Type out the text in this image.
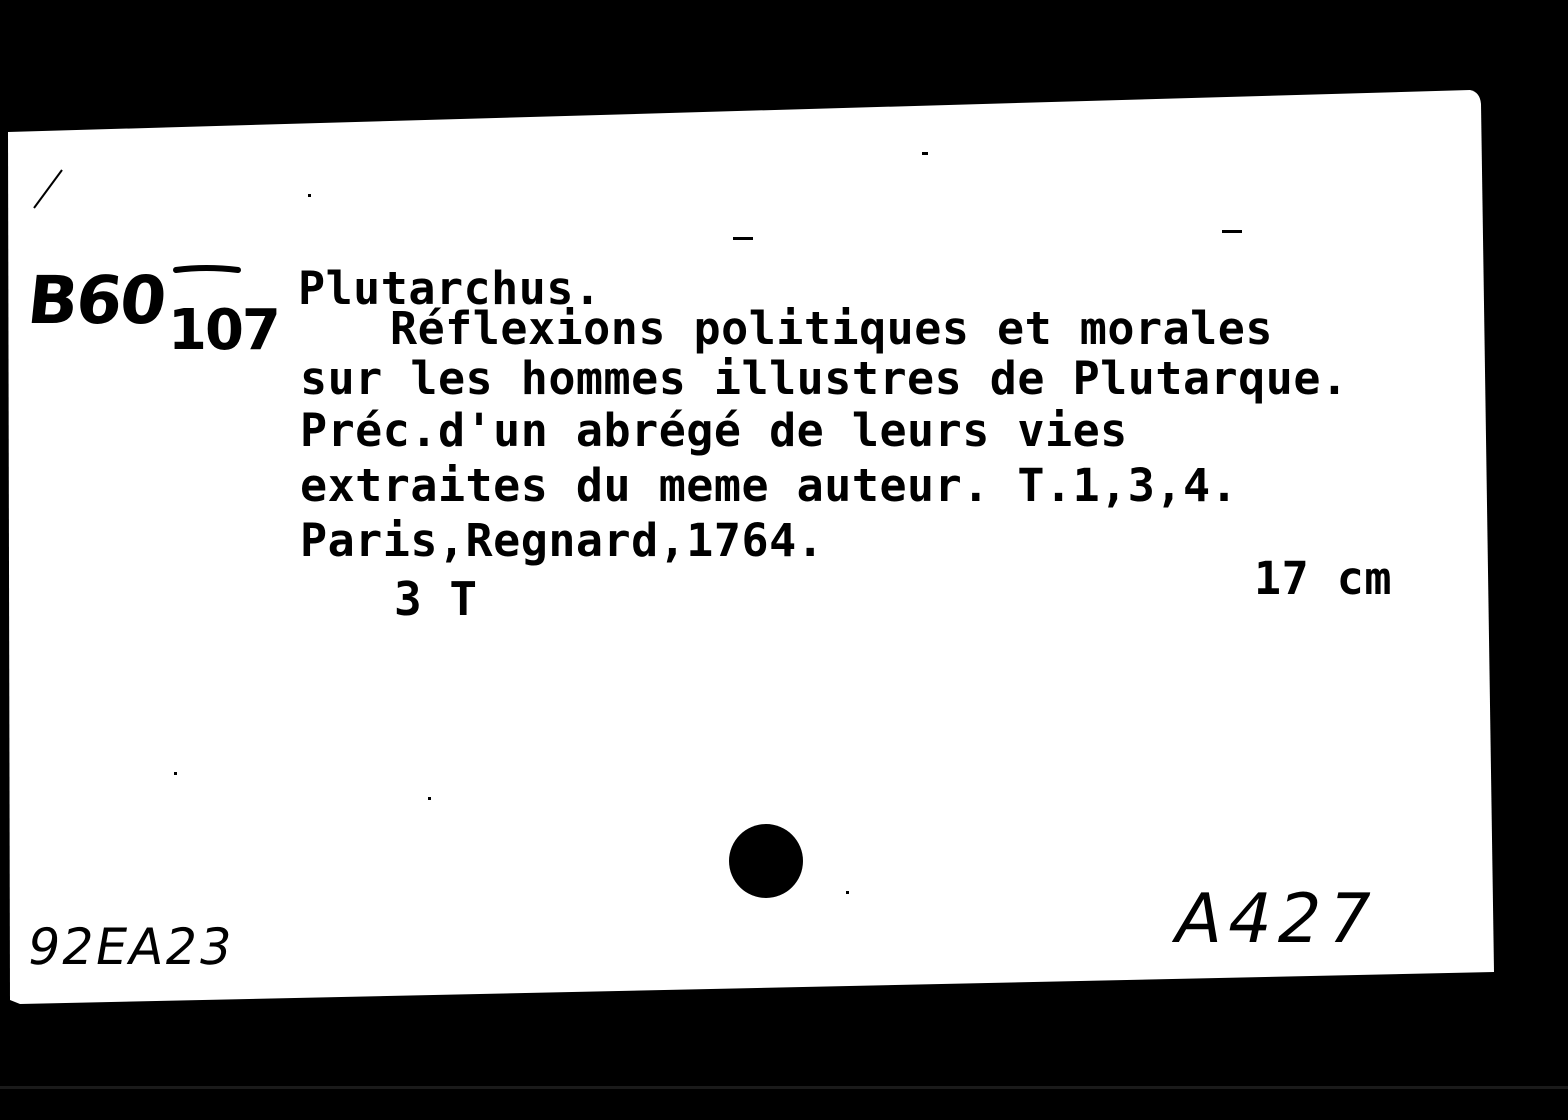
B60 107
Plutarchus.
Réflexions politiques et morales
sur les hommes illustres de Plutarque.
Préc.d'un abrégé de leurs vies
extraites du meme auteur. T.1,3,4.
Paris,Regnard,1764.
17 cm
3 T
92EA23	A427
